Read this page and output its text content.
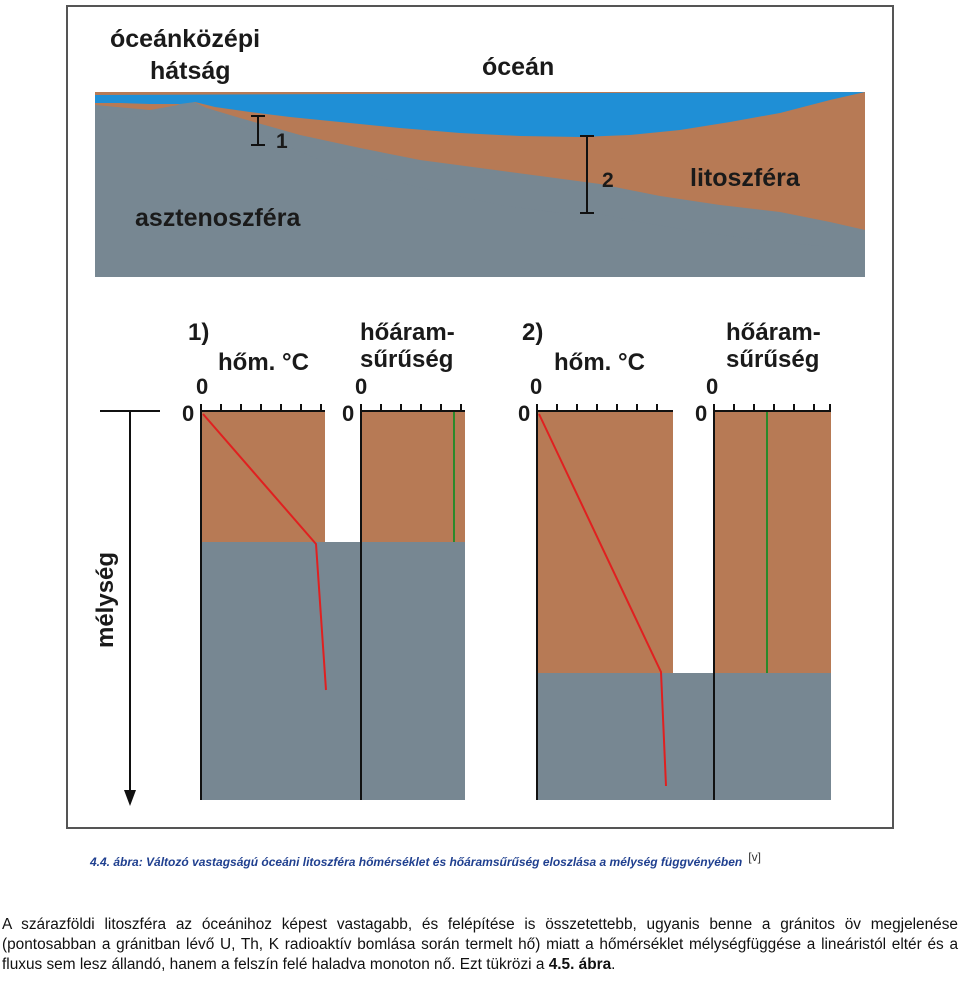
óceánközépi
hátság	óceán
1
2	litoszféra
asztenoszféra
mélység
1)
hőm. °C
hőáram-
sűrűség
0
0
0
0
2)
hőm. °C
hőáram-
sűrűség
0
0
0
0
4.4. ábra: Változó vastagságú óceáni litoszféra hőmérséklet és hőáramsűrűség eloszlása a mélység függvényében [v]
A szárazföldi litoszféra az óceánihoz képest vastagabb, és felépítése is összetettebb, ugyanis benne a gránitos öv megjelenése (pontosabban a gránitban lévő U, Th, K radioaktív bomlása során termelt hő) miatt a hőmérséklet mélységfüggése a lineáristól eltér és a fluxus sem lesz állandó, hanem a felszín felé haladva monoton nő. Ezt tükrözi a 4.5. ábra.
